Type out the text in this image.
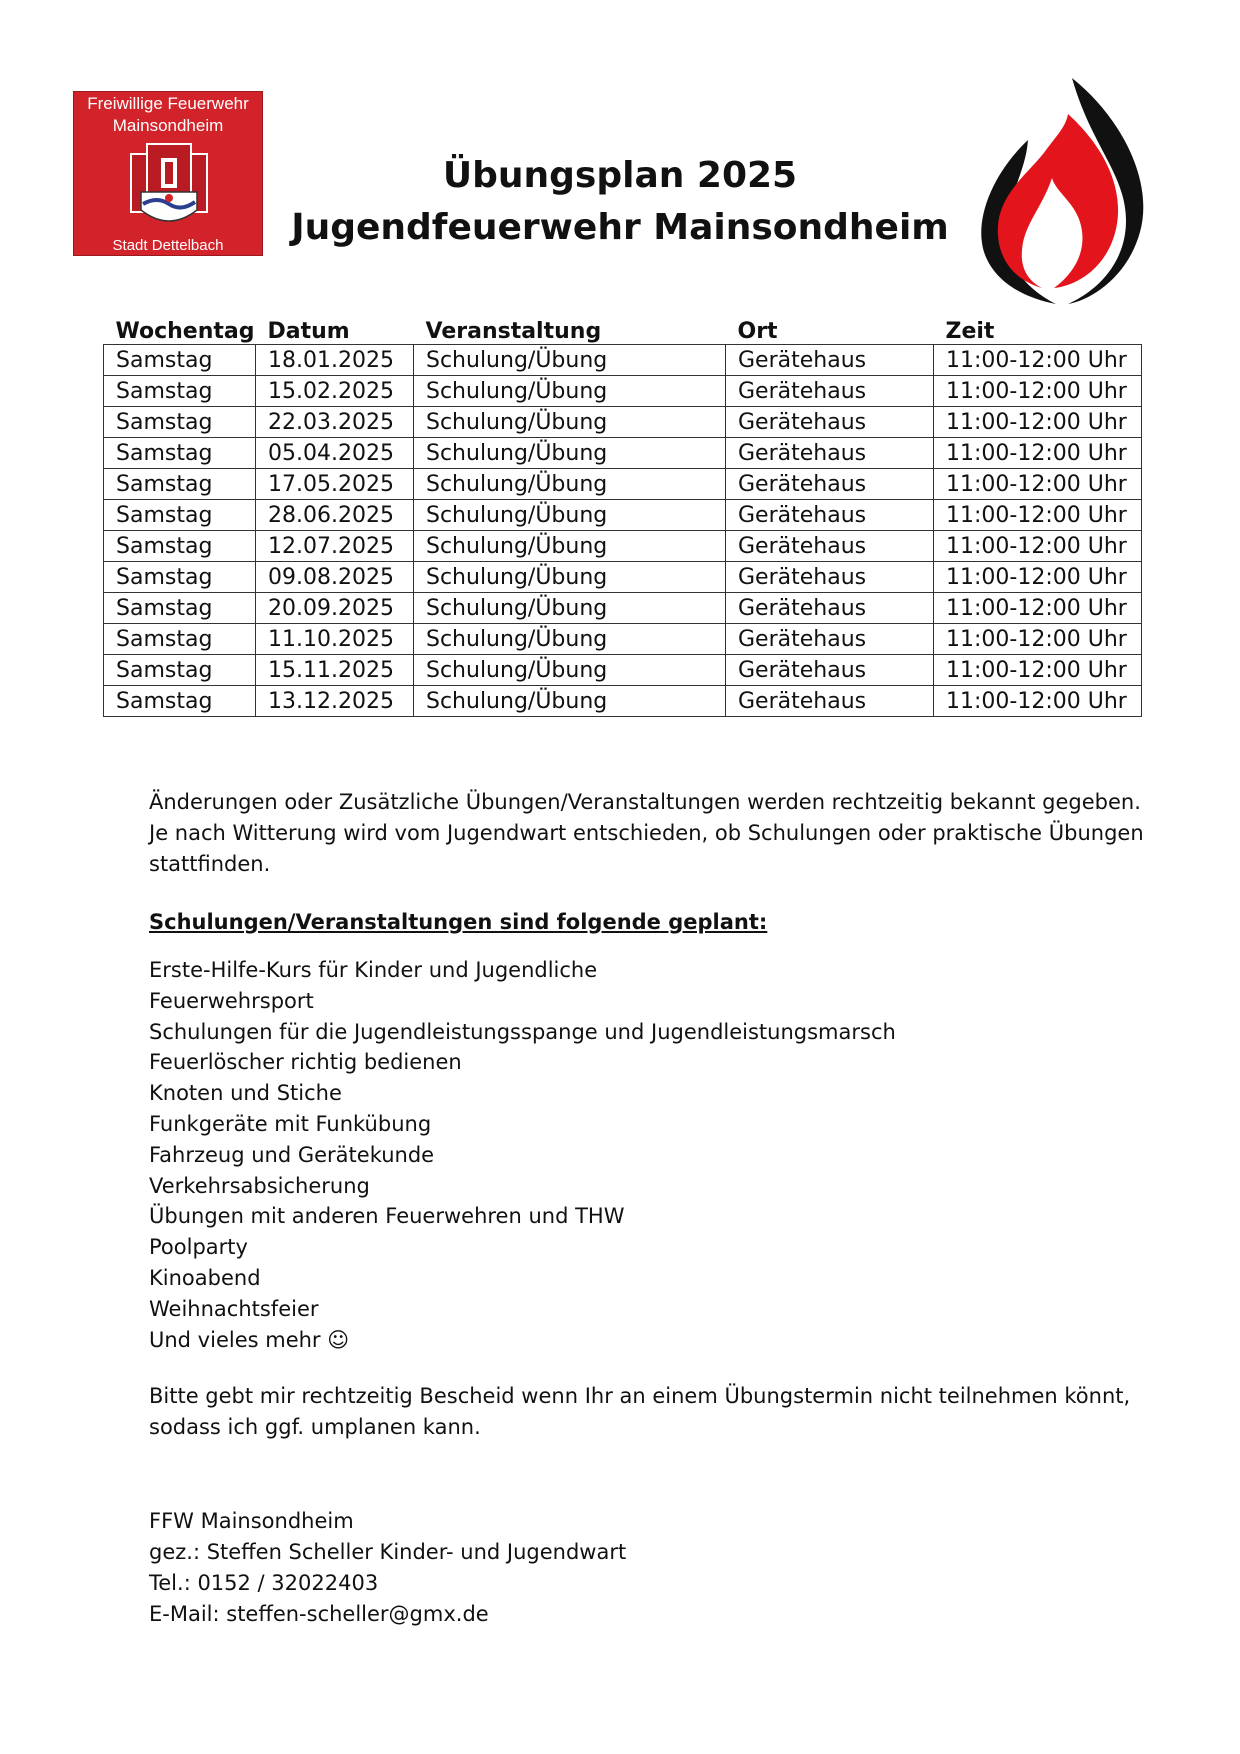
Freiwillige Feuerwehr
Mainsondheim
Stadt Dettelbach
Übungsplan 2025
Jugendfeuerwehr Mainsondheim
Wochentag	Datum	Veranstaltung	Ort	Zeit
Samstag	18.01.2025	Schulung/Übung	Gerätehaus	11:00-12:00 Uhr
Samstag	15.02.2025	Schulung/Übung	Gerätehaus	11:00-12:00 Uhr
Samstag	22.03.2025	Schulung/Übung	Gerätehaus	11:00-12:00 Uhr
Samstag	05.04.2025	Schulung/Übung	Gerätehaus	11:00-12:00 Uhr
Samstag	17.05.2025	Schulung/Übung	Gerätehaus	11:00-12:00 Uhr
Samstag	28.06.2025	Schulung/Übung	Gerätehaus	11:00-12:00 Uhr
Samstag	12.07.2025	Schulung/Übung	Gerätehaus	11:00-12:00 Uhr
Samstag	09.08.2025	Schulung/Übung	Gerätehaus	11:00-12:00 Uhr
Samstag	20.09.2025	Schulung/Übung	Gerätehaus	11:00-12:00 Uhr
Samstag	11.10.2025	Schulung/Übung	Gerätehaus	11:00-12:00 Uhr
Samstag	15.11.2025	Schulung/Übung	Gerätehaus	11:00-12:00 Uhr
Samstag	13.12.2025	Schulung/Übung	Gerätehaus	11:00-12:00 Uhr
Änderungen oder Zusätzliche Übungen/Veranstaltungen werden rechtzeitig bekannt gegeben. Je nach Witterung wird vom Jugendwart entschieden, ob Schulungen oder praktische Übungen stattfinden.
Schulungen/Veranstaltungen sind folgende geplant:
Erste-Hilfe-Kurs für Kinder und Jugendliche
Feuerwehrsport
Schulungen für die Jugendleistungsspange und Jugendleistungsmarsch
Feuerlöscher richtig bedienen
Knoten und Stiche
Funkgeräte mit Funkübung
Fahrzeug und Gerätekunde
Verkehrsabsicherung
Übungen mit anderen Feuerwehren und THW
Poolparty
Kinoabend
Weihnachtsfeier
Und vieles mehr ☺
Bitte gebt mir rechtzeitig Bescheid wenn Ihr an einem Übungstermin nicht teilnehmen könnt, sodass ich ggf. umplanen kann.
FFW Mainsondheim
gez.: Steffen Scheller Kinder- und Jugendwart
Tel.: 0152 / 32022403
E-Mail: steffen-scheller@gmx.de
